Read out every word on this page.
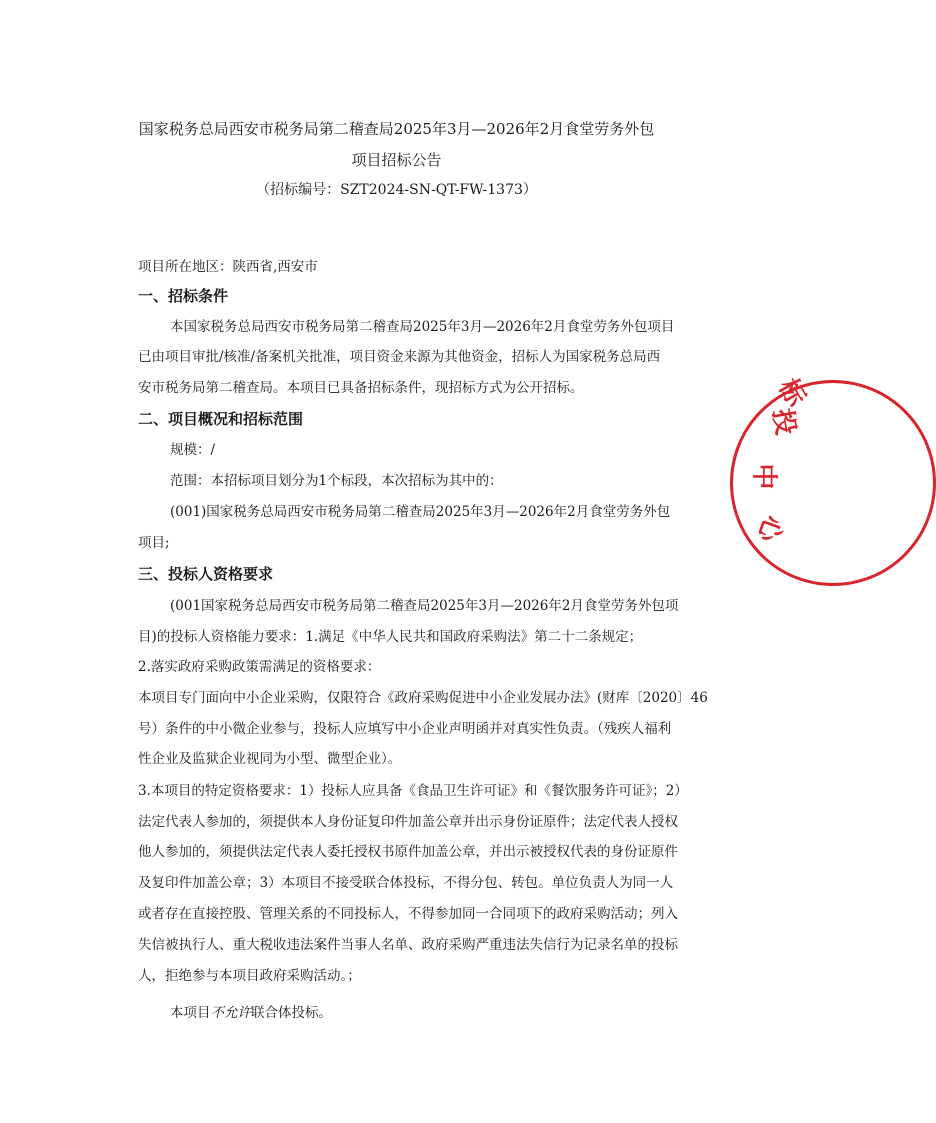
国家税务总局西安市税务局第二稽查局2025年3月—2026年2月食堂劳务外包
项目招标公告
（招标编号：SZT2024-SN-QT-FW-1373）
项目所在地区：陕西省,西安市
一、招标条件
本国家税务总局西安市税务局第二稽查局2025年3月—2026年2月食堂劳务外包项目
已由项目审批/核准/备案机关批准，项目资金来源为其他资金，招标人为国家税务总局西
安市税务局第二稽查局。本项目已具备招标条件，现招标方式为公开招标。
二、项目概况和招标范围
规模：/
范围：本招标项目划分为1个标段，本次招标为其中的：
(001)国家税务总局西安市税务局第二稽查局2025年3月—2026年2月食堂劳务外包
项目;
三、投标人资格要求
(001国家税务总局西安市税务局第二稽查局2025年3月—2026年2月食堂劳务外包项
目)的投标人资格能力要求：1.满足《中华人民共和国政府采购法》第二十二条规定；
2.落实政府采购政策需满足的资格要求：
本项目专门面向中小企业采购，仅限符合《政府采购促进中小企业发展办法》(财库〔2020〕46
号）条件的中小微企业参与，投标人应填写中小企业声明函并对真实性负责。（残疾人福利
性企业及监狱企业视同为小型、微型企业）。
3.本项目的特定资格要求：1）投标人应具备《食品卫生许可证》和《餐饮服务许可证》；2）
法定代表人参加的，须提供本人身份证复印件加盖公章并出示身份证原件；法定代表人授权
他人参加的，须提供法定代表人委托授权书原件加盖公章，并出示被授权代表的身份证原件
及复印件加盖公章；3）本项目不接受联合体投标，不得分包、转包。单位负责人为同一人
或者存在直接控股、管理关系的不同投标人，不得参加同一合同项下的政府采购活动；列入
失信被执行人、重大税收违法案件当事人名单、政府采购严重违法失信行为记录名单的投标
人，拒绝参与本项目政府采购活动。；
本项目不允许联合体投标。
投
中
心
标
